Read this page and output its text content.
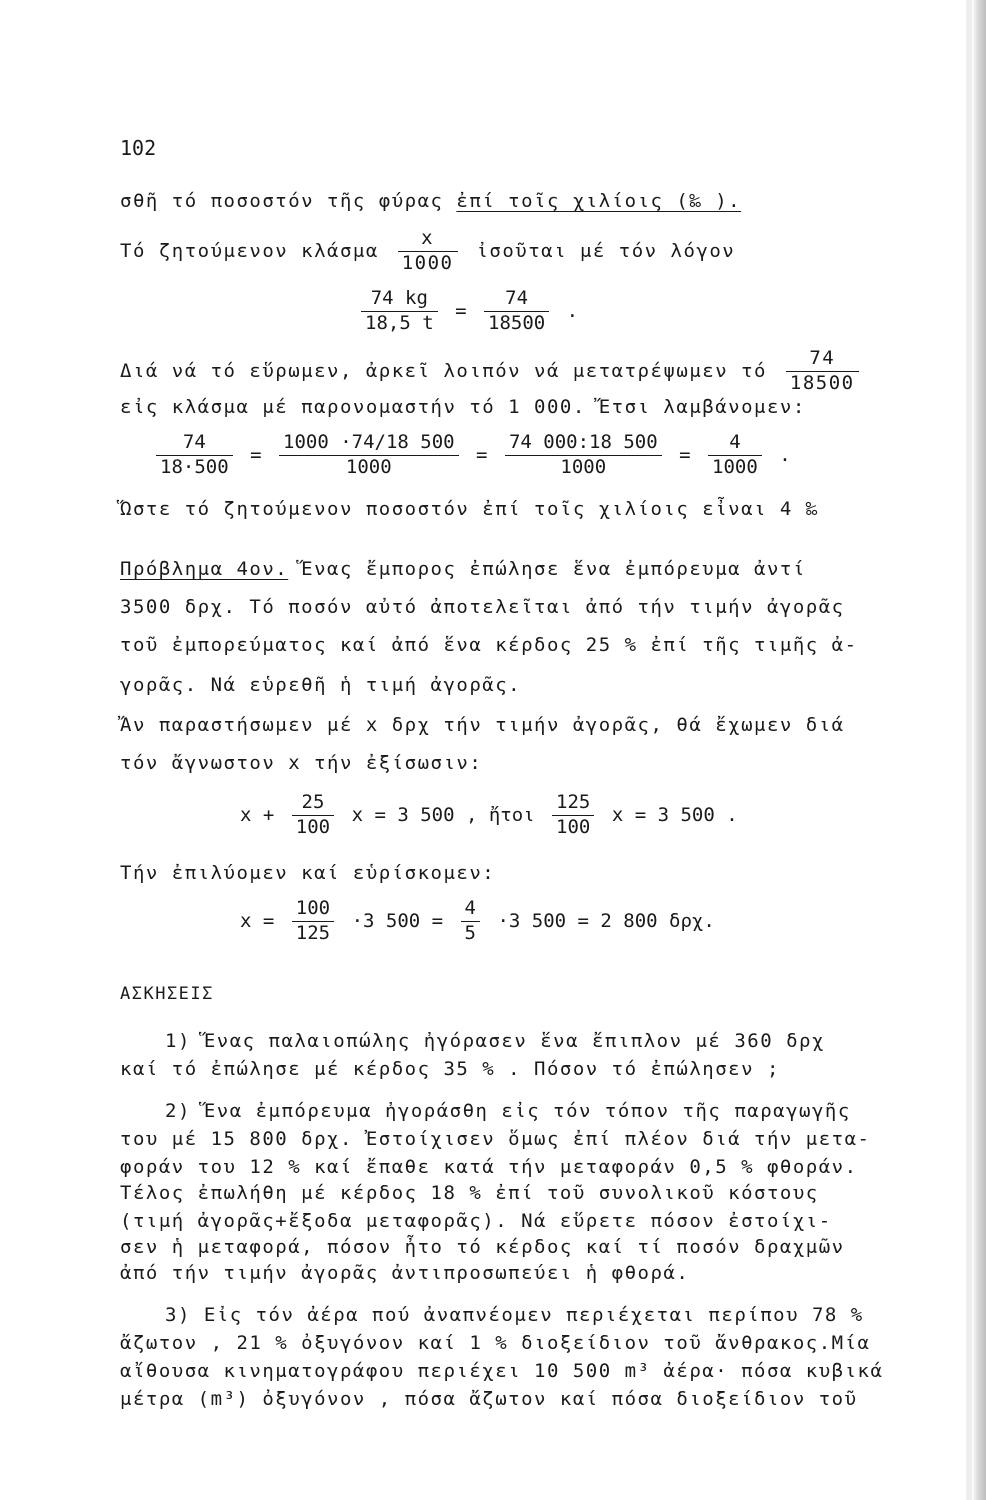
102
σθῆ τό ποσοστόν τῆς φύρας ἐπί τοῖς χιλίοις (‰ ).
Τό ζητούμενον κλάσμα $\frac{x}{1000}$ ἰσοῦται μέ τόν λόγον
$\frac{74 kg}{18,5 t} = \frac{74}{18500}$ .
Διά νά τό εὕρωμεν, ἀρκεῖ λοιπόν νά μετατρέψωμεν τό $\frac{74}{18500}$
εἰς κλάσμα μέ παρονομαστήν τό 1 000. Ἔτσι λαμβάνομεν:
$\frac{74}{18\cdot 500} = \frac{1000 \cdot 74/18 500}{1000} = \frac{74 000:18 500}{1000} = \frac{4}{1000}$ .
Ὥστε τό ζητούμενον ποσοστόν ἐπί τοῖς χιλίοις εἶναι 4 ‰
Πρόβλημα 4ον. Ἕνας ἔμπορος ἐπώλησε ἕνα ἐμπόρευμα ἀντί
3500 δρχ. Τό ποσόν αὐτό ἀποτελεῖται ἀπό τήν τιμήν ἀγορᾶς
τοῦ ἐμπορεύματος καί ἀπό ἕνα κέρδος 25 % ἐπί τῆς τιμῆς ἀ-
γορᾶς. Νά εὑρεθῆ ἡ τιμή ἀγορᾶς.
Ἄν παραστήσωμεν μέ x δρχ τήν τιμήν ἀγορᾶς, θά ἔχωμεν διά
τόν ἄγνωστον x τήν ἐξίσωσιν:
$x + \frac{25}{100}$ x = 3 500 , ἤτοι $\frac{125}{100}$ x = 3 500 .
Τήν ἐπιλύομεν καί εὑρίσκομεν:
$x = \frac{100}{125} \cdot 3$ $500 = \frac{4}{5} \cdot 3$ 500 = 2 800 δρχ.
ΑΣΚΗΣΕΙΣ
1) Ἕνας παλαιοπώλης ἠγόρασεν ἕνα ἔπιπλον μέ 360 δρχ
καί τό ἐπώλησε μέ κέρδος 35 % . Πόσον τό ἐπώλησεν ;
2) Ἕνα ἐμπόρευμα ἠγοράσθη εἰς τόν τόπον τῆς παραγωγῆς
του μέ 15 800 δρχ. Ἐστοίχισεν ὅμως ἐπί πλέον διά τήν μετα-
φοράν του 12 % καί ἔπαθε κατά τήν μεταφοράν 0,5 % φθοράν.
Τέλος ἐπωλήθη μέ κέρδος 18 % ἐπί τοῦ συνολικοῦ κόστους
(τιμή ἀγορᾶς+ἔξοδα μεταφορᾶς). Νά εὕρετε πόσον ἐστοίχι-
σεν ἡ μεταφορά, πόσον ἦτο τό κέρδος καί τί ποσόν δραχμῶν
ἀπό τήν τιμήν ἀγορᾶς ἀντιπροσωπεύει ἡ φθορά.
3) Εἰς τόν ἀέρα πού ἀναπνέομεν περιέχεται περίπου 78 %
ἄζωτον , 21 % ὀξυγόνον καί 1 % διοξείδιον τοῦ ἄνθρακος.Μία
αἴθουσα κινηματογράφου περιέχει 10 500 m³ ἀέρα· πόσα κυβικά
μέτρα (m³) ὀξυγόνον , πόσα ἄζωτον καί πόσα διοξείδιον τοῦ
